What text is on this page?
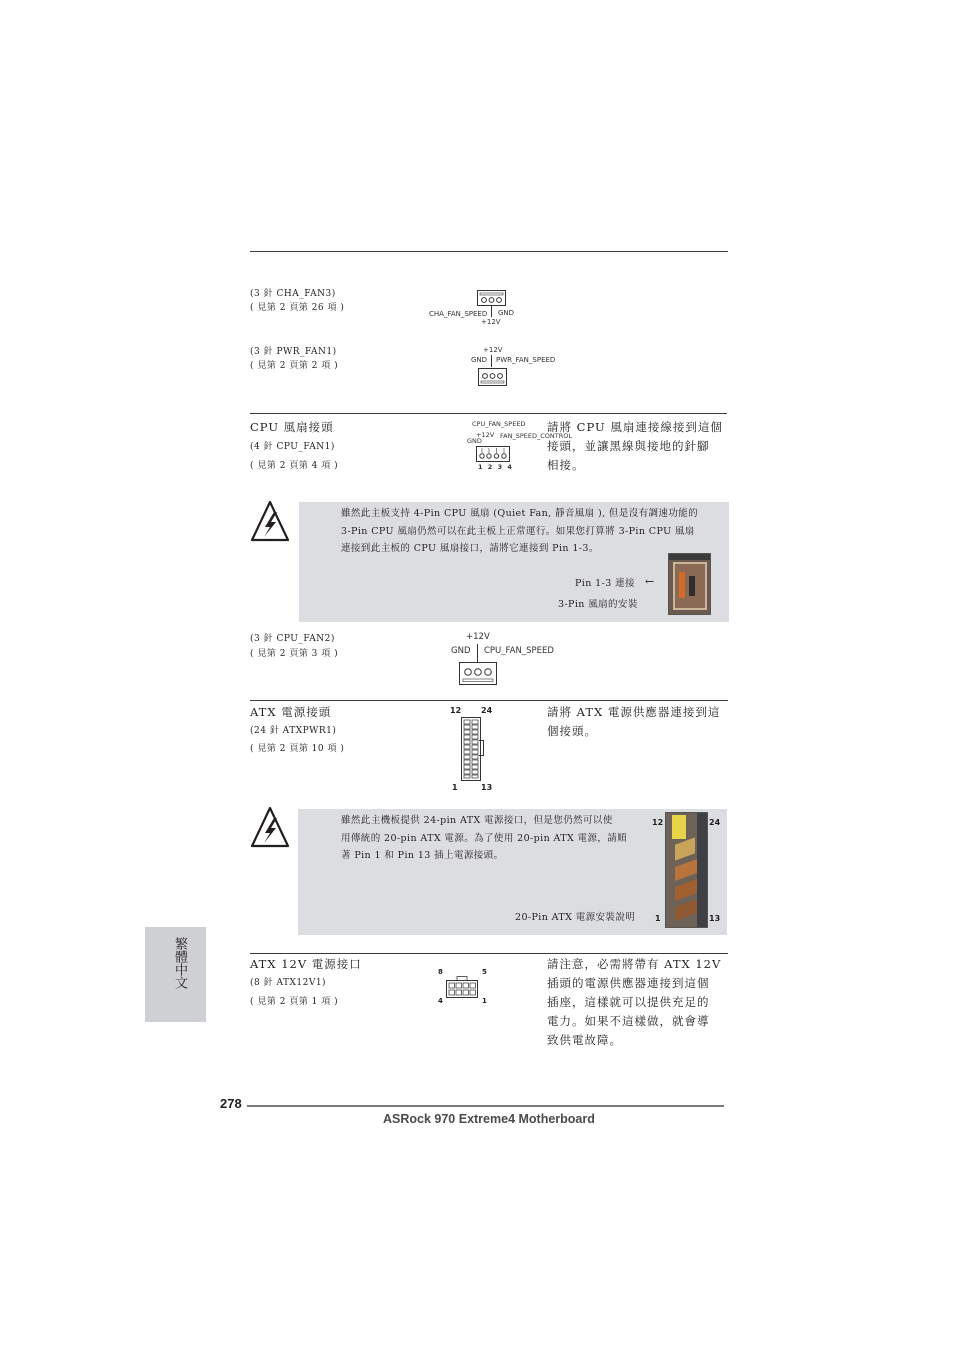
(3 針 CHA_FAN3)
( 見第 2 頁第 26 項 )
CHA_FAN_SPEED GND
+12V
(3 針 PWR_FAN1)
( 見第 2 頁第 2 項 )
+12V
GND PWR_FAN_SPEED
CPU 風扇接頭
(4 針 CPU_FAN1)
( 見第 2 頁第 4 項 )
CPU_FAN_SPEED
+12V
GND
FAN_SPEED_CONTROL
1 2 3 4
請將 CPU 風扇連接線接到這個
接頭，並讓黑線與接地的針腳
相接。
雖然此主板支持 4-Pin CPU 風扇 (Quiet Fan, 靜音風扇 ), 但是沒有調速功能的
3-Pin CPU 風扇仍然可以在此主板上正常運行。如果您打算將 3-Pin CPU 風扇
連接到此主板的 CPU 風扇接口，請將它連接到 Pin 1-3。
Pin 1-3 連接 ←
3-Pin 風扇的安裝
(3 針 CPU_FAN2)
( 見第 2 頁第 3 項 )
+12V
GND CPU_FAN_SPEED
ATX 電源接頭
(24 針 ATXPWR1)
( 見第 2 頁第 10 項 )
12 24
1	13
請將 ATX 電源供應器連接到這
個接頭。
雖然此主機板提供 24-pin ATX 電源接口，但是您仍然可以使
用傳統的 20-pin ATX 電源。為了使用 20-pin ATX 電源，請順
著 Pin 1 和 Pin 13 插上電源接頭。
20-Pin ATX 電源安裝說明
12	24
1	13
ATX 12V 電源接口
(8 針 ATX12V1)
( 見第 2 頁第 1 項 )
8	5
4	1
請注意，必需將帶有 ATX 12V
插頭的電源供應器連接到這個
插座，這樣就可以提供充足的
電力。如果不這樣做，就會導
致供電故障。
繁體中文
278
ASRock 970 Extreme4 Motherboard
